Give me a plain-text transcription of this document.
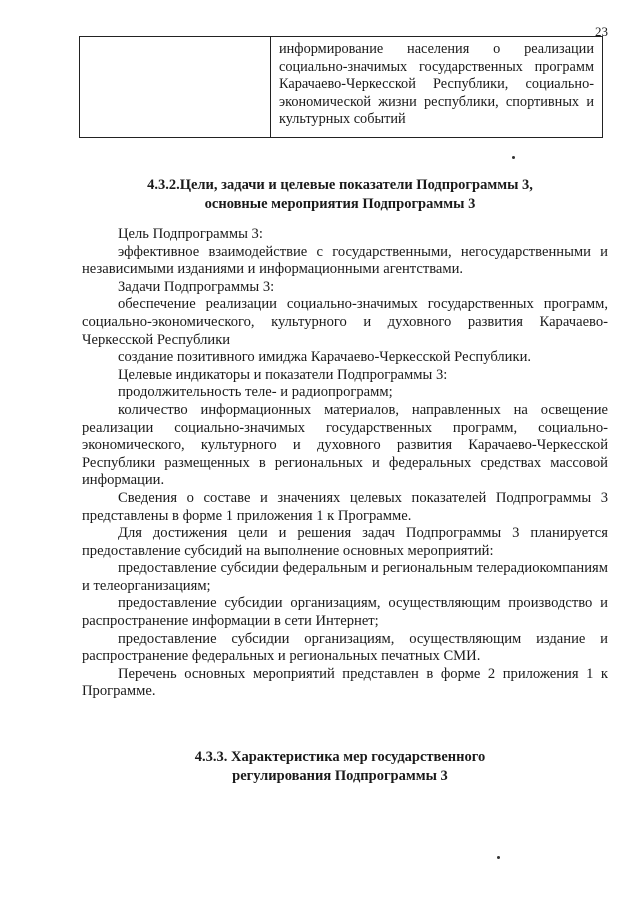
23

информирование населения о реализации социально-значимых государственных программ Карачаево-Черкесской Республики, социально-экономической жизни республики, спортивных и культурных событий
4.3.2.Цели, задачи и целевые показатели Подпрограммы 3,
основные мероприятия Подпрограммы 3

Цель Подпрограммы 3:

эффективное взаимодействие с государственными, негосударственными и независимыми изданиями и информационными агентствами.

Задачи Подпрограммы 3:

обеспечение реализации социально-значимых государственных программ, социально-экономического, культурного и духовного развития Карачаево-Черкесской Республики

создание позитивного имиджа Карачаево-Черкесской Республики.

Целевые индикаторы и показатели Подпрограммы 3:

продолжительность теле- и радиопрограмм;

количество информационных материалов, направленных на освещение реализации социально-значимых государственных программ, социально-экономического, культурного и духовного развития Карачаево-Черкесской Республики размещенных в региональных и федеральных средствах массовой информации.

Сведения о составе и значениях целевых показателей Подпрограммы 3 представлены в форме 1 приложения 1 к Программе.

Для достижения цели и решения задач Подпрограммы 3 планируется предоставление субсидий на выполнение основных мероприятий:

предоставление субсидии федеральным и региональным телерадиокомпаниям и телеорганизациям;

предоставление субсидии организациям, осуществляющим производство и распространение информации в сети Интернет;

предоставление субсидии организациям, осуществляющим издание и распространение федеральных и региональных печатных СМИ.

Перечень основных мероприятий представлен в форме 2 приложения 1 к Программе.

4.3.3. Характеристика мер государственного
регулирования Подпрограммы 3
